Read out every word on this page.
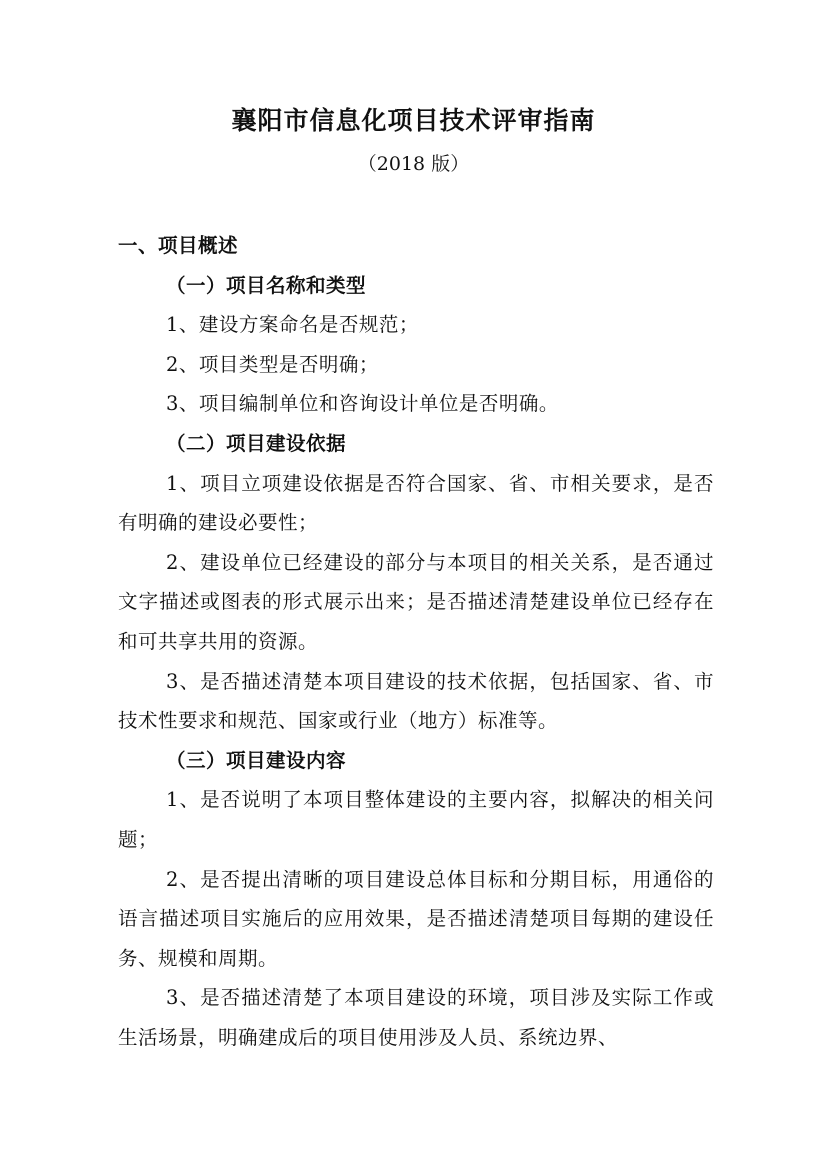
襄阳市信息化项目技术评审指南
（2018 版）

一、项目概述

（一）项目名称和类型

1、建设方案命名是否规范；

2、项目类型是否明确；

3、项目编制单位和咨询设计单位是否明确。

（二）项目建设依据

1、项目立项建设依据是否符合国家、省、市相关要求，是否有明确的建设必要性；

2、建设单位已经建设的部分与本项目的相关关系，是否通过文字描述或图表的形式展示出来；是否描述清楚建设单位已经存在和可共享共用的资源。

3、是否描述清楚本项目建设的技术依据，包括国家、省、市技术性要求和规范、国家或行业（地方）标准等。

（三）项目建设内容

1、是否说明了本项目整体建设的主要内容，拟解决的相关问题；

2、是否提出清晰的项目建设总体目标和分期目标，用通俗的语言描述项目实施后的应用效果，是否描述清楚项目每期的建设任务、规模和周期。

3、是否描述清楚了本项目建设的环境，项目涉及实际工作或生活场景，明确建成后的项目使用涉及人员、系统边界、
